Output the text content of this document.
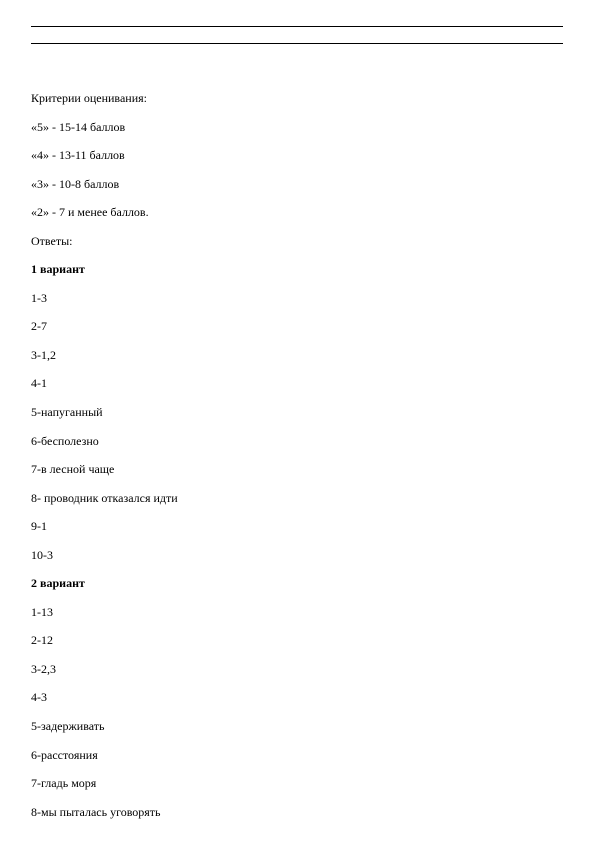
Критерии оценивания:
«5» - 15-14 баллов
«4» - 13-11 баллов
«3» - 10-8 баллов
«2» - 7 и менее баллов.
Ответы:
1 вариант
1-3
2-7
3-1,2
4-1
5-напуганный
6-бесполезно
7-в лесной чаще
8- проводник отказался идти
9-1
10-3
2 вариант
1-13
2-12
3-2,3
4-3
5-задерживать
6-расстояния
7-гладь моря
8-мы пыталась уговорять
